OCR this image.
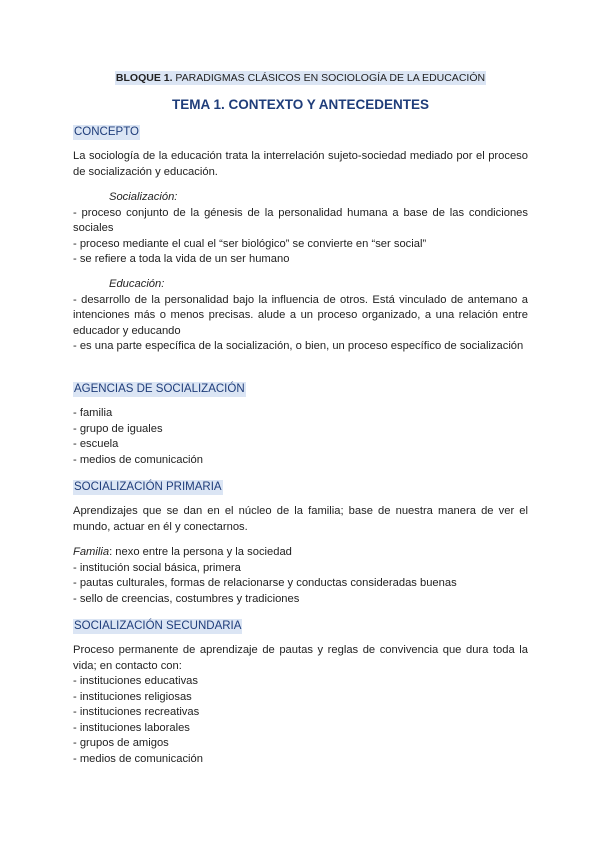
BLOQUE 1. PARADIGMAS CLÁSICOS EN SOCIOLOGÍA DE LA EDUCACIÓN
TEMA 1. CONTEXTO Y ANTECEDENTES
CONCEPTO

La sociología de la educación trata la interrelación sujeto-sociedad mediado por el proceso de socialización y educación.

Socialización:
- proceso conjunto de la génesis de la personalidad humana a base de las condiciones sociales
- proceso mediante el cual el “ser biológico” se convierte en “ser social”
- se refiere a toda la vida de un ser humano
Educación:
- desarrollo de la personalidad bajo la influencia de otros. Está vinculado de antemano a intenciones más o menos precisas. alude a un proceso organizado, a una relación entre educador y educando
- es una parte específica de la socialización, o bien, un proceso específico de socialización
AGENCIAS DE SOCIALIZACIÓN
- familia
- grupo de iguales
- escuela
- medios de comunicación
SOCIALIZACIÓN PRIMARIA

Aprendizajes que se dan en el núcleo de la familia; base de nuestra manera de ver el mundo, actuar en él y conectarnos.

Familia: nexo entre la persona y la sociedad
- institución social básica, primera
- pautas culturales, formas de relacionarse y conductas consideradas buenas
- sello de creencias, costumbres y tradiciones
SOCIALIZACIÓN SECUNDARIA

Proceso permanente de aprendizaje de pautas y reglas de convivencia que dura toda la vida; en contacto con:

- instituciones educativas
- instituciones religiosas
- instituciones recreativas
- instituciones laborales
- grupos de amigos
- medios de comunicación
